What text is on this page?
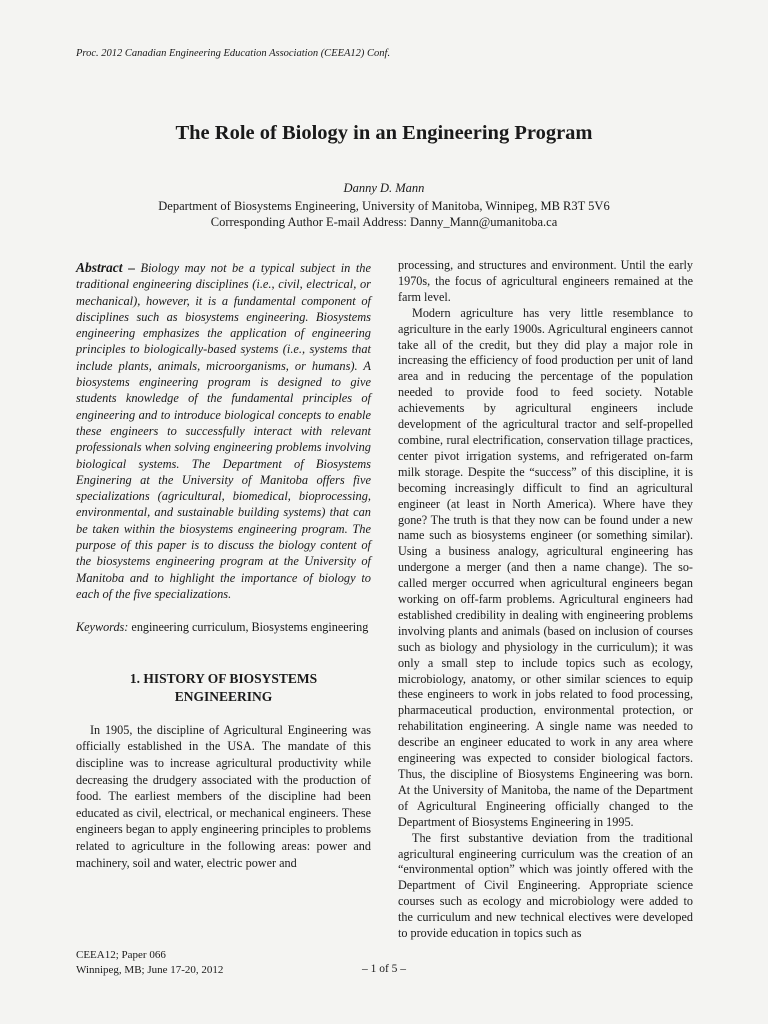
Proc. 2012 Canadian Engineering Education Association (CEEA12) Conf.
The Role of Biology in an Engineering Program
Danny D. Mann
Department of Biosystems Engineering, University of Manitoba, Winnipeg, MB R3T 5V6
Corresponding Author E-mail Address: Danny_Mann@umanitoba.ca
Abstract – Biology may not be a typical subject in the traditional engineering disciplines (i.e., civil, electrical, or mechanical), however, it is a fundamental component of disciplines such as biosystems engineering. Biosystems engineering emphasizes the application of engineering principles to biologically-based systems (i.e., systems that include plants, animals, microorganisms, or humans). A biosystems engineering program is designed to give students knowledge of the fundamental principles of engineering and to introduce biological concepts to enable these engineers to successfully interact with relevant professionals when solving engineering problems involving biological systems. The Department of Biosystems Enginering at the University of Manitoba offers five specializations (agricultural, biomedical, bioprocessing, environmental, and sustainable building systems) that can be taken within the biosystems engineering program. The purpose of this paper is to discuss the biology content of the biosystems engineering program at the University of Manitoba and to highlight the importance of biology to each of the five specializations.
Keywords: engineering curriculum, Biosystems engineering
1. HISTORY OF BIOSYSTEMS ENGINEERING

In 1905, the discipline of Agricultural Engineering was officially established in the USA. The mandate of this discipline was to increase agricultural productivity while decreasing the drudgery associated with the production of food. The earliest members of the discipline had been educated as civil, electrical, or mechanical engineers. These engineers began to apply engineering principles to problems related to agriculture in the following areas: power and machinery, soil and water, electric power and

processing, and structures and environment. Until the early 1970s, the focus of agricultural engineers remained at the farm level.

Modern agriculture has very little resemblance to agriculture in the early 1900s. Agricultural engineers cannot take all of the credit, but they did play a major role in increasing the efficiency of food production per unit of land area and in reducing the percentage of the population needed to provide food to feed society. Notable achievements by agricultural engineers include development of the agricultural tractor and self-propelled combine, rural electrification, conservation tillage practices, center pivot irrigation systems, and refrigerated on-farm milk storage. Despite the “success” of this discipline, it is becoming increasingly difficult to find an agricultural engineer (at least in North America). Where have they gone? The truth is that they now can be found under a new name such as biosystems engineer (or something similar). Using a business analogy, agricultural engineering has undergone a merger (and then a name change). The so-called merger occurred when agricultural engineers began working on off-farm problems. Agricultural engineers had established credibility in dealing with engineering problems involving plants and animals (based on inclusion of courses such as biology and physiology in the curriculum); it was only a small step to include topics such as ecology, microbiology, anatomy, or other similar sciences to equip these engineers to work in jobs related to food processing, pharmaceutical production, environmental protection, or rehabilitation engineering. A single name was needed to describe an engineer educated to work in any area where engineering was expected to consider biological factors. Thus, the discipline of Biosystems Engineering was born. At the University of Manitoba, the name of the Department of Agricultural Engineering officially changed to the Department of Biosystems Engineering in 1995.

The first substantive deviation from the traditional agricultural engineering curriculum was the creation of an “environmental option” which was jointly offered with the Department of Civil Engineering. Appropriate science courses such as ecology and microbiology were added to the curriculum and new technical electives were developed to provide education in topics such as

CEEA12; Paper 066
Winnipeg, MB; June 17-20, 2012	– 1 of 5 –
